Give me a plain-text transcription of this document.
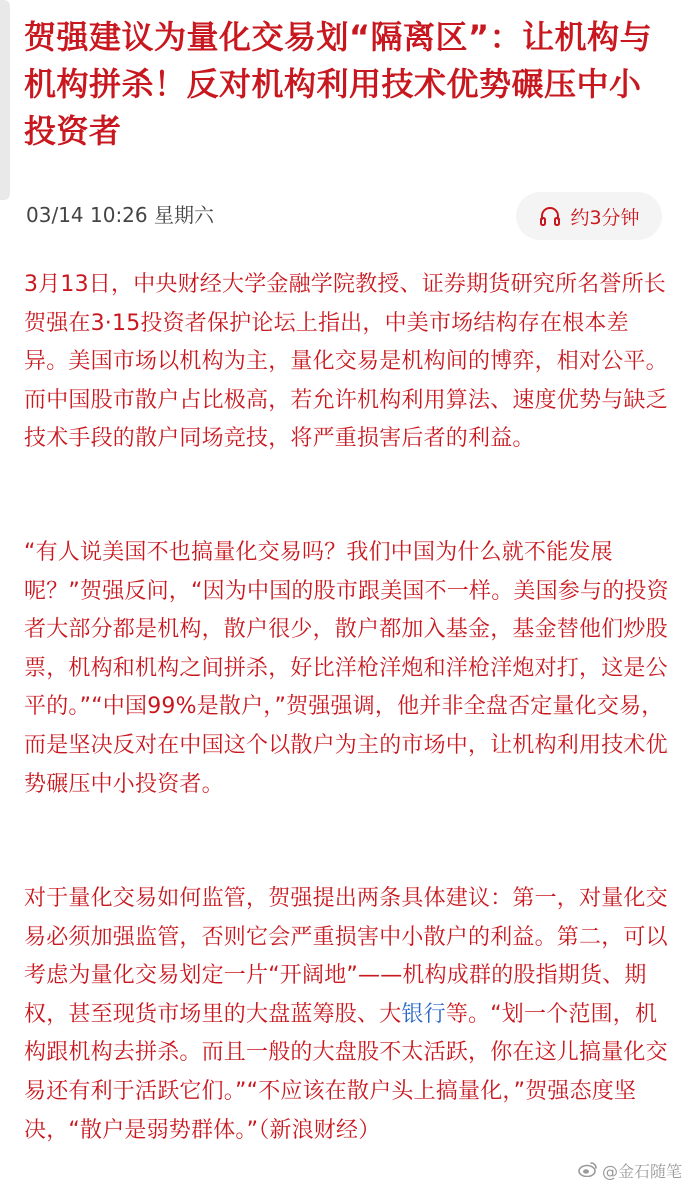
贺强建议为量化交易划“隔离区”：让机构与机构拼杀！反对机构利用技术优势碾压中小投资者
03/14 10:26 星期六	约3分钟

3月13日，中央财经大学金融学院教授、证券期货研究所名誉所长贺强在3·15投资者保护论坛上指出，中美市场结构存在根本差异。美国市场以机构为主，量化交易是机构间的博弈，相对公平。而中国股市散户占比极高，若允许机构利用算法、速度优势与缺乏技术手段的散户同场竞技，将严重损害后者的利益。

“有人说美国不也搞量化交易吗？我们中国为什么就不能发展呢？”贺强反问，“因为中国的股市跟美国不一样。美国参与的投资者大部分都是机构，散户很少，散户都加入基金，基金替他们炒股票，机构和机构之间拼杀，好比洋枪洋炮和洋枪洋炮对打，这是公平的。”“中国99%是散户，”贺强强调，他并非全盘否定量化交易，而是坚决反对在中国这个以散户为主的市场中，让机构利用技术优势碾压中小投资者。

对于量化交易如何监管，贺强提出两条具体建议：第一，对量化交易必须加强监管，否则它会严重损害中小散户的利益。第二，可以考虑为量化交易划定一片“开阔地”——机构成群的股指期货、期权，甚至现货市场里的大盘蓝筹股、大银行等。“划一个范围，机构跟机构去拼杀。而且一般的大盘股不太活跃，你在这儿搞量化交易还有利于活跃它们。”“不应该在散户头上搞量化，”贺强态度坚决，“散户是弱势群体。”（新浪财经）

@金石随笔
